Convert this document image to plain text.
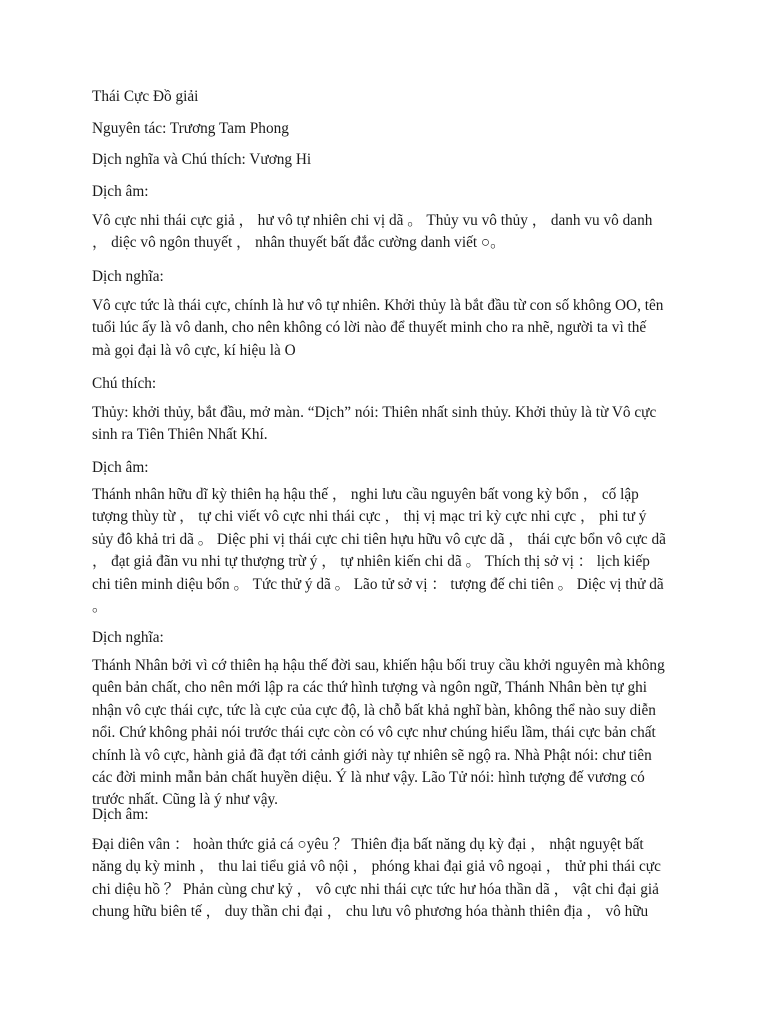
Thái Cực Đồ giải
Nguyên tác: Trương Tam Phong
Dịch nghĩa và Chú thích: Vương Hi
Dịch âm:
Vô cực nhi thái cực giả ， hư vô tự nhiên chi vị dã 。 Thủy vu vô thủy ， danh vu vô danh
， diệc vô ngôn thuyết ， nhân thuyết bất đắc cường danh viết ○。
Dịch nghĩa:
Vô cực tức là thái cực, chính là hư vô tự nhiên. Khởi thủy là bắt đầu từ con số không OO, tên
tuổi lúc ấy là vô danh, cho nên không có lời nào để thuyết minh cho ra nhẽ, người ta vì thế
mà gọi đại là vô cực, kí hiệu là O
Chú thích:
Thủy: khởi thủy, bắt đầu, mở màn. “Dịch” nói: Thiên nhất sinh thủy. Khởi thủy là từ Vô cực
sinh ra Tiên Thiên Nhất Khí.
Dịch âm:
Thánh nhân hữu dĩ kỳ thiên hạ hậu thế ， nghi lưu cầu nguyên bất vong kỳ bổn ， cố lập
tượng thùy từ ， tự chi viết vô cực nhi thái cực ， thị vị mạc tri kỳ cực nhi cực ， phi tư ý
sủy đô khả tri dã 。 Diệc phi vị thái cực chi tiên hựu hữu vô cực dã ， thái cực bổn vô cực dã
， đạt giả đãn vu nhi tự thượng trừ ý ， tự nhiên kiến chi dã 。 Thích thị sở vị ： lịch kiếp
chi tiên minh diệu bổn 。 Tức thử ý dã 。 Lão tử sở vị ： tượng đế chi tiên 。 Diệc vị thử dã
。
Dịch nghĩa:
Thánh Nhân bởi vì cớ thiên hạ hậu thế đời sau, khiến hậu bối truy cầu khởi nguyên mà không
quên bản chất, cho nên mới lập ra các thứ hình tượng và ngôn ngữ, Thánh Nhân bèn tự ghi
nhận vô cực thái cực, tức là cực của cực độ, là chỗ bất khả nghĩ bàn, không thể nào suy diễn
nổi. Chứ không phải nói trước thái cực còn có vô cực như chúng hiểu lầm, thái cực bản chất
chính là vô cực, hành giả đã đạt tới cảnh giới này tự nhiên sẽ ngộ ra. Nhà Phật nói: chư tiên
các đời minh mẫn bản chất huyền diệu. Ý là như vậy. Lão Tử nói: hình tượng đế vương có
trước nhất. Cũng là ý như vậy.
Dịch âm:
Đại diên vân ： hoàn thức giả cá ○yêu ？ Thiên địa bất năng dụ kỳ đại ， nhật nguyệt bất
năng dụ kỳ minh ， thu lai tiểu giả vô nội ， phóng khai đại giả vô ngoại ， thử phi thái cực
chi diệu hồ ？ Phản cùng chư kỷ ， vô cực nhi thái cực tức hư hóa thần dã ， vật chi đại giả
chung hữu biên tế ， duy thần chi đại ， chu lưu vô phương hóa thành thiên địa ， vô hữu
